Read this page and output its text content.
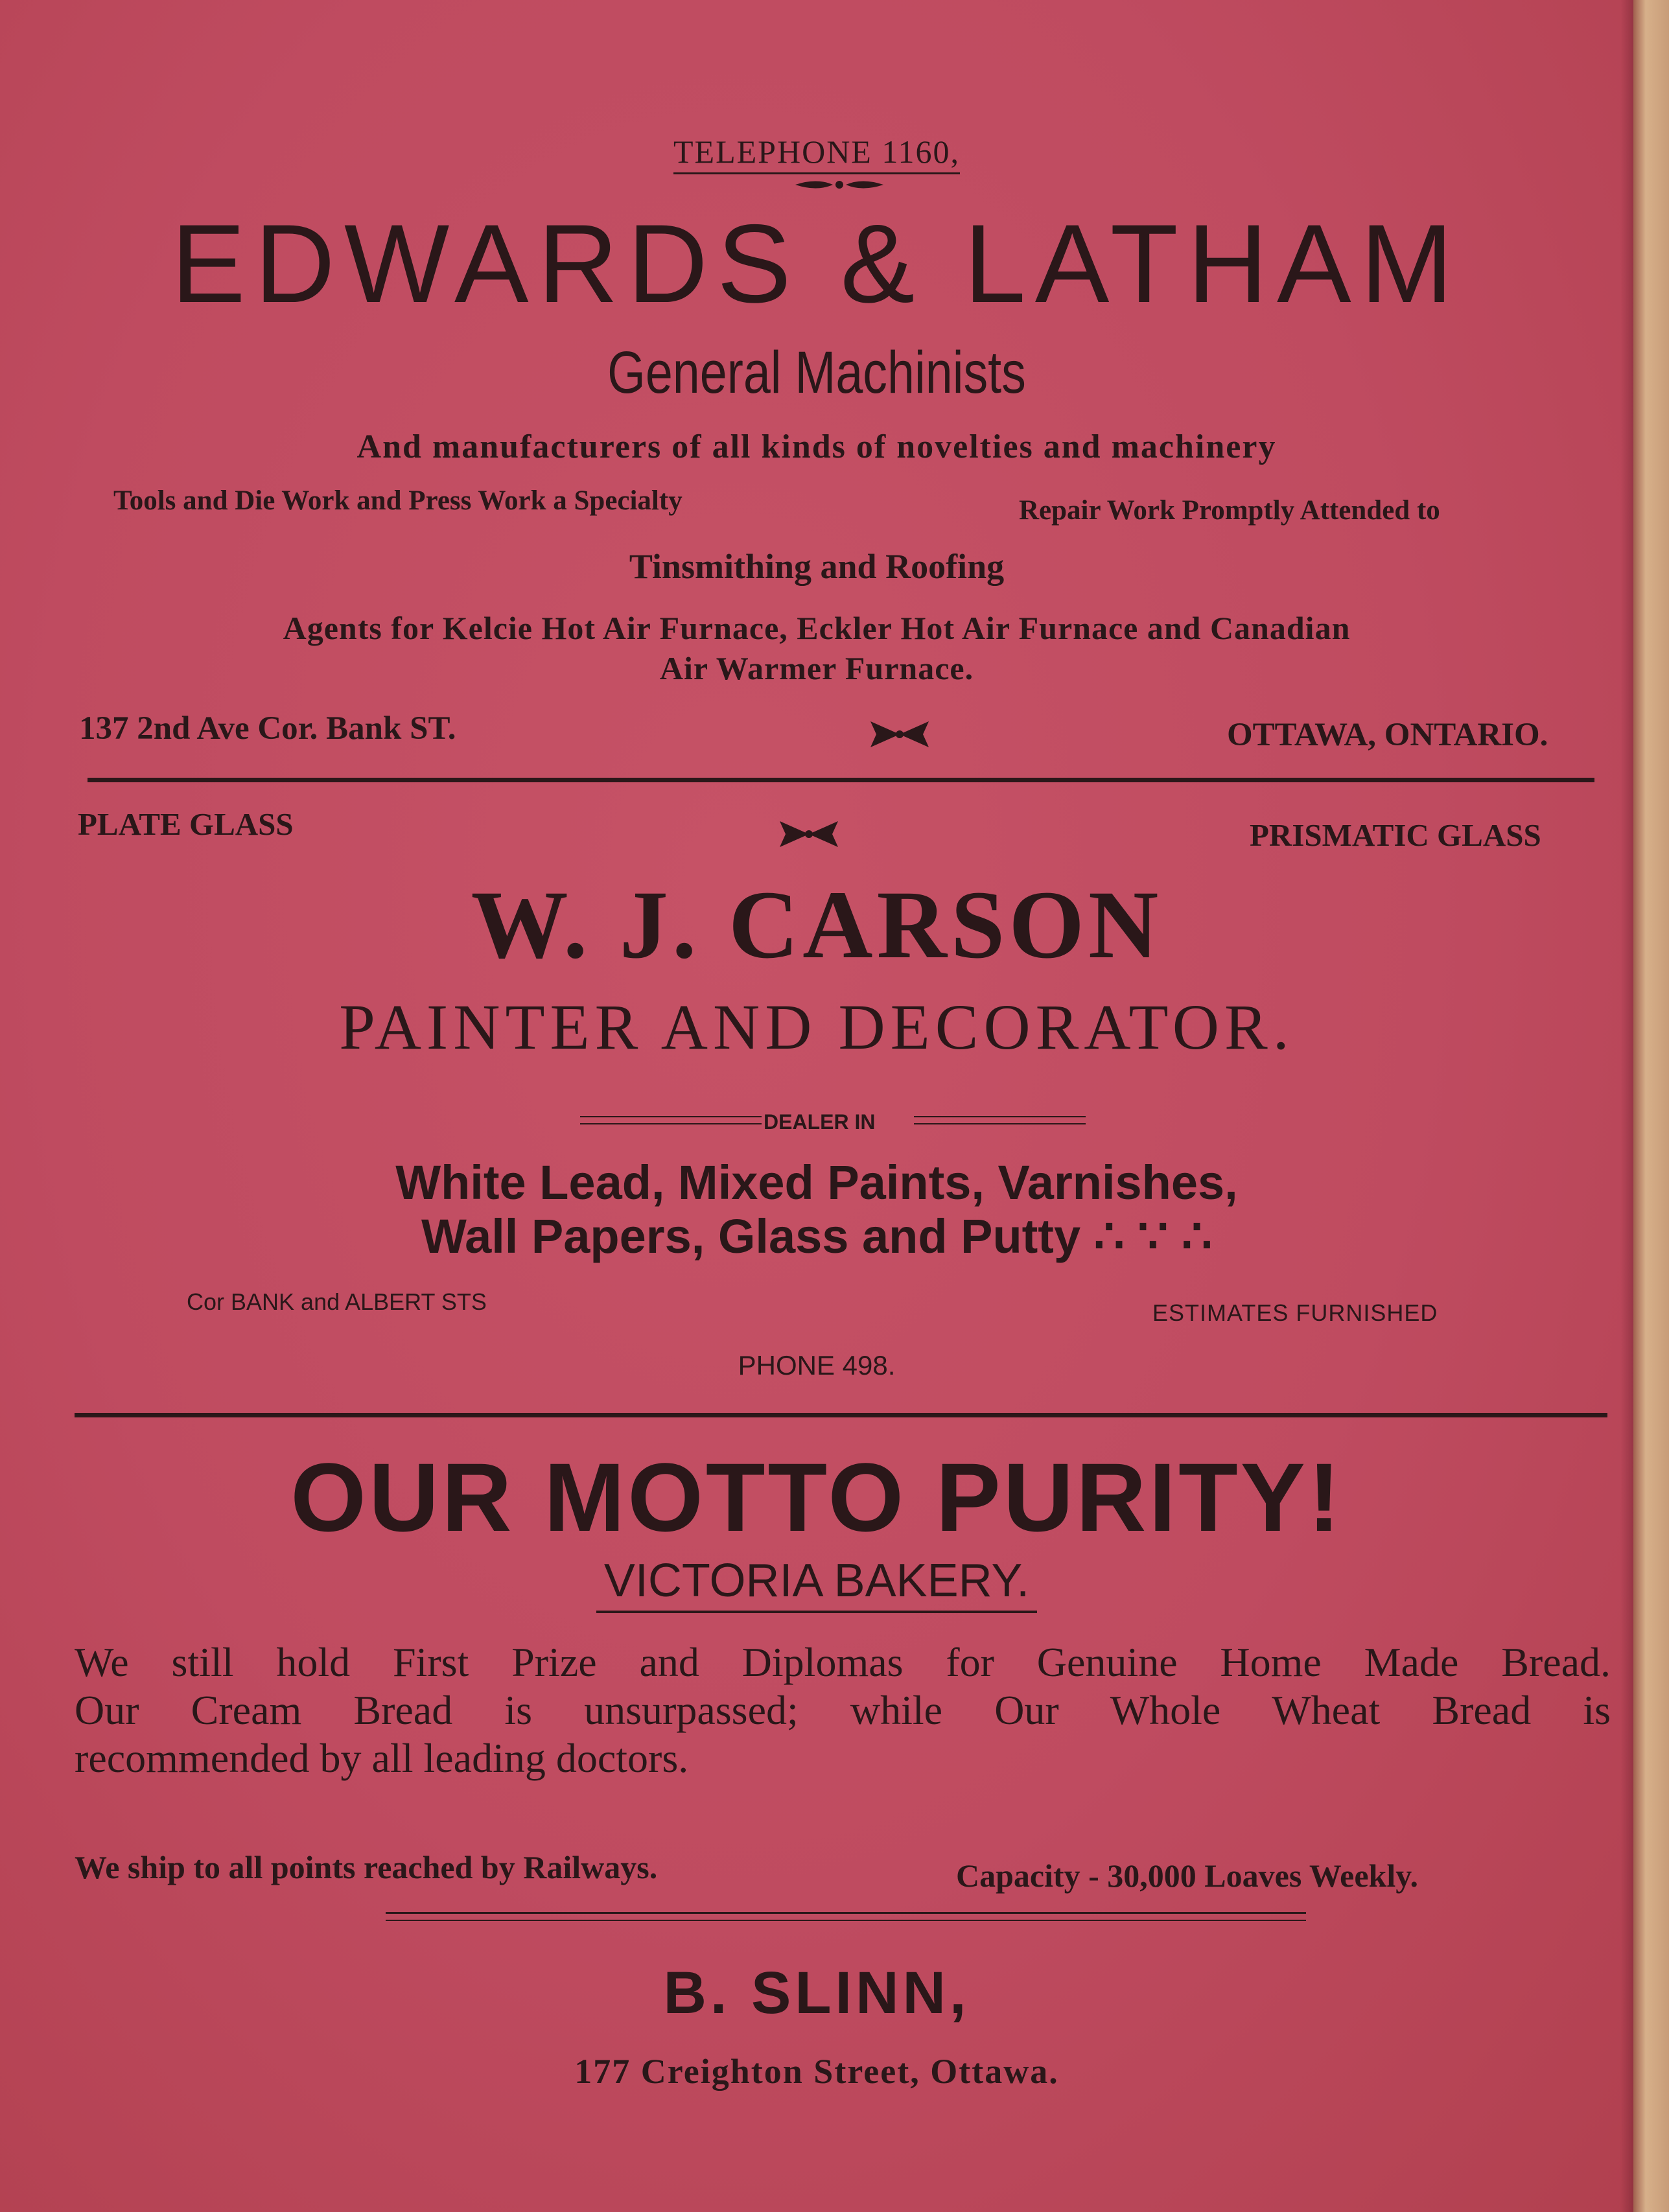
TELEPHONE 1160,
EDWARDS & LATHAM
General Machinists
And manufacturers of all kinds of novelties and machinery
Tools and Die Work and Press Work a Specialty	Repair Work Promptly Attended to
Tinsmithing and Roofing
Agents for Kelcie Hot Air Furnace, Eckler Hot Air Furnace and Canadian
Air Warmer Furnace.
137 2nd Ave Cor. Bank ST.	OTTAWA, ONTARIO.
PLATE GLASS	PRISMATIC GLASS
W. J. CARSON
PAINTER AND DECORATOR.
DEALER IN
White Lead, Mixed Paints, Varnishes,
Wall Papers, Glass and Putty ∴ ∵ ∴
Cor BANK and ALBERT STS	ESTIMATES FURNISHED
PHONE 498.
OUR MOTTO PURITY!
VICTORIA BAKERY.
We still hold First Prize and Diplomas for Genuine Home Made Bread.
Our Cream Bread is unsurpassed; while Our Whole Wheat Bread is
recommended by all leading doctors.
We ship to all points reached by Railways.	Capacity - 30,000 Loaves Weekly.
B. SLINN,
177 Creighton Street, Ottawa.
